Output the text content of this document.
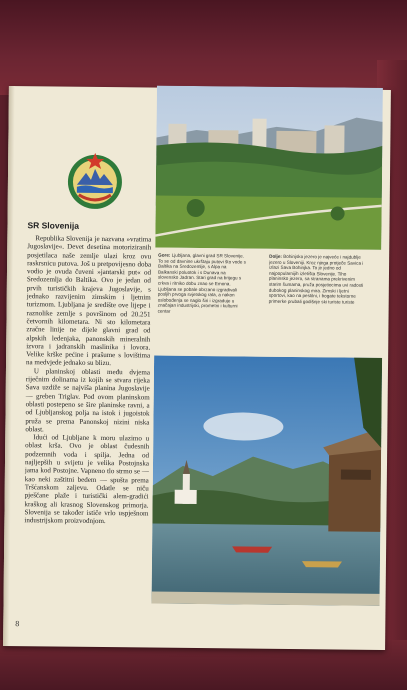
SR Slovenija

Republika Slovenija je nazvana »vratima Jugoslavije«. Devet desetina motoriziranih posjetilaca naše zemlje ulazi kroz ovu raskrsnicu putova. Još u pretpovijesno doba vodio je ovuda čuveni »jantarski put« od Sredozemlja do Baltika. Ovo je jedan od prvih turističkih krajeva Jugoslavije, s jednako razvijenim zimskim i ljetnim turizmom. Ljubljana je središte ove lijepe i raznolike zemlje s površinom od 20.251 četvornih kilometara. Ni sto kilometara zračne linije ne dijele glavni grad od alpskih ledenjaka, panonskih mineralnih izvora i jadranskih maslinika i lovora. Velike krške pećine i prašume s lovištima na medvjede jednako su blizu.

U planinskoj oblasti među dvjema riječnim dolinama iz kojih se stvara rijeka Sava uzdiže se najviša planina Jugoslavije — greben Triglav. Pod ovom planinskom oblasti postepeno se šire planinske ravni, a od Ljubljanskog polja na istok i jugoistok pruža se prema Panonskoj nizini niska oblast.

Idući od Ljubljane k moru ulazimo u oblast krša. Ovo je oblast čudesnih podzemnih voda i spilja. Jedna od najljepših u svijetu je velika Postojnska jama kod Postojne. Vapneno tlo strmo se — kao neki zaštitni bedem — spušta prema Tršćanskom zaljevu. Odatle se niču pješčane plaže i turistički alem-gradići kraškog ali krasnog Slovenskog primorja. Slovenija se također ističe vrlo uspješnom industrijskom proizvodnjom.

8
Gore: Ljubljana, glavni grad SR Slovenije. To se od davnine ukrštaju putovi što vode s Baltika na Sredozemlje, s Alpa na Balkanski poluotok i s Dunava na slovensko Jadran. Stari grad na brijegu s crkva i ritniko dobu znao se Emona. Ljubljana se pobale obrzano izgradivali posljih prvoga svjetskog rata, a nakon oslobođenja se naglo širi i izgraduje u značajan industrijski, prometni i kulturni centar
Dolje: Bohinjsko jezero je najveće i najdublje jezero u Sloveniji. Kroz njega protječe Savica i izlazi Sava Bohinjka. To je jedno od najpopularnijih izletišta Slovenije. Tiho planinsko jezero, sa stranama prekrivenim starim šumama, pruža posjetiocima uvi radosti dubokog planinskog mira. Zimski i ljetni sportovi, kao na pestilni, i bogate tekstorne primerke prubali godišnje ski turiste turiste
